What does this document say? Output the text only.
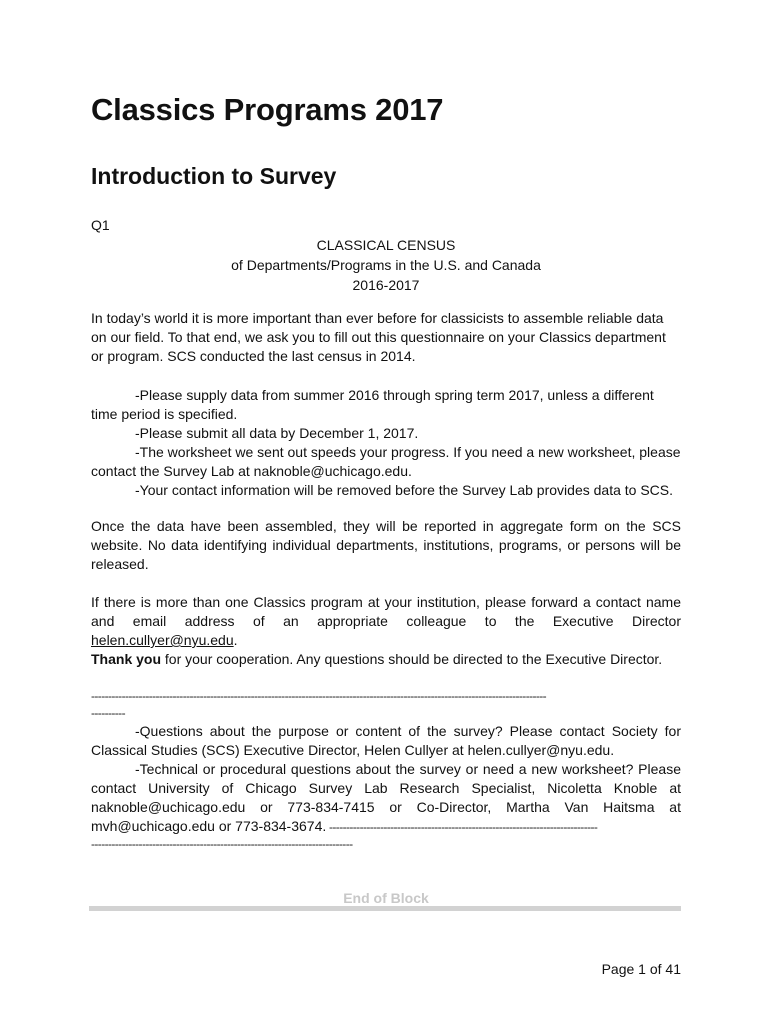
Classics Programs 2017
Introduction to Survey
Q1
CLASSICAL CENSUS
of Departments/Programs in the U.S. and Canada
2016-2017

In today’s world it is more important than ever before for classicists to assemble reliable data on our field. To that end, we ask you to fill out this questionnaire on your Classics department or program. SCS conducted the last census in 2014.

-Please supply data from summer 2016 through spring term 2017, unless a different time period is specified.
-Please submit all data by December 1, 2017.
-The worksheet we sent out speeds your progress. If you need a new worksheet, please contact the Survey Lab at naknoble@uchicago.edu.
-Your contact information will be removed before the Survey Lab provides data to SCS.

Once the data have been assembled, they will be reported in aggregate form on the SCS website. No data identifying individual departments, institutions, programs, or persons will be released.

If there is more than one Classics program at your institution, please forward a contact name and email address of an appropriate colleague to the Executive Director helen.cullyer@nyu.edu.

Thank you for your cooperation. Any questions should be directed to the Executive Director.

--------------------------------------------------------------------------------------------------------------------------------------
----------
-Questions about the purpose or content of the survey? Please contact Society for Classical Studies (SCS) Executive Director, Helen Cullyer at helen.cullyer@nyu.edu.
-Technical or procedural questions about the survey or need a new worksheet? Please contact University of Chicago Survey Lab Research Specialist, Nicoletta Knoble at naknoble@uchicago.edu or 773-834-7415 or Co-Director, Martha Van Haitsma at mvh@uchicago.edu or 773-834-3674. -------------------------------------------------------------------------------
-----------------------------------------------------------------------------
End of Block
Page 1 of 41
